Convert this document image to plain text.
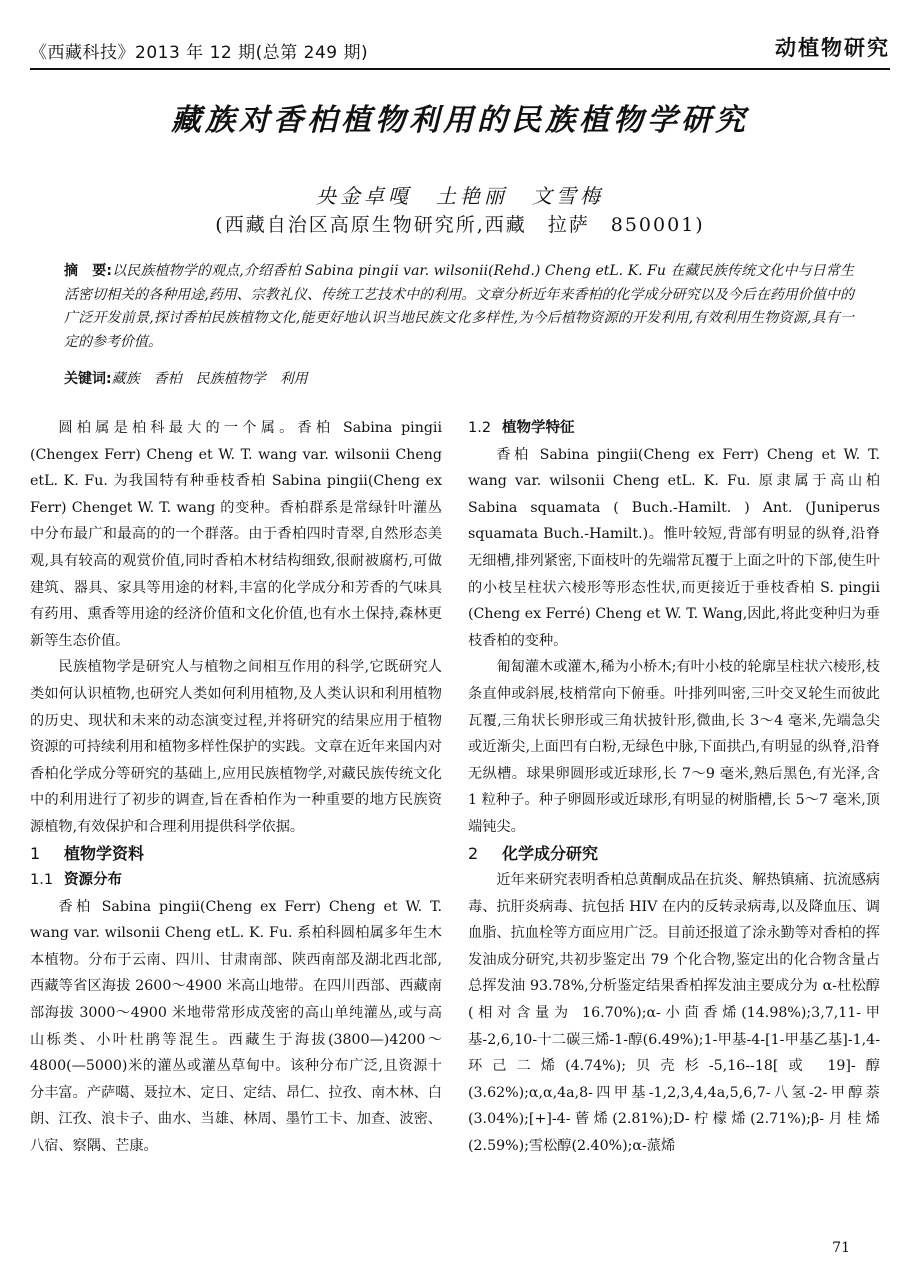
《西藏科技》2013 年 12 期(总第 249 期)	动植物研究
藏族对香柏植物利用的民族植物学研究
央金卓嘎　土艳丽　文雪梅
(西藏自治区高原生物研究所,西藏　拉萨　850001)
摘　要:以民族植物学的观点,介绍香柏 Sabina pingii var. wilsonii(Rehd.) Cheng etL. K. Fu 在藏民族传统文化中与日常生活密切相关的各种用途,药用、宗教礼仪、传统工艺技术中的利用。文章分析近年来香柏的化学成分研究以及今后在药用价值中的广泛开发前景,探讨香柏民族植物文化,能更好地认识当地民族文化多样性,为今后植物资源的开发利用,有效利用生物资源,具有一定的参考价值。
关键词:藏族　香柏　民族植物学　利用

圆柏属是柏科最大的一个属。香柏 Sabina pingii (Chengex Ferr) Cheng et W. T. wang var. wilsonii Cheng etL. K. Fu. 为我国特有种垂枝香柏 Sabina pingii(Cheng ex Ferr) Chenget W. T. wang 的变种。香柏群系是常绿针叶灌丛中分布最广和最高的的一个群落。由于香柏四时青翠,自然形态美观,具有较高的观赏价值,同时香柏木材结构细致,很耐被腐朽,可做建筑、器具、家具等用途的材料,丰富的化学成分和芳香的气味具有药用、熏香等用途的经济价值和文化价值,也有水土保持,森林更新等生态价值。

民族植物学是研究人与植物之间相互作用的科学,它既研究人类如何认识植物,也研究人类如何利用植物,及人类认识和利用植物的历史、现状和未来的动态演变过程,并将研究的结果应用于植物资源的可持续利用和植物多样性保护的实践。文章在近年来国内对香柏化学成分等研究的基础上,应用民族植物学,对藏民族传统文化中的利用进行了初步的调查,旨在香柏作为一种重要的地方民族资源植物,有效保护和合理利用提供科学依据。

1 植物学资料
1.1 资源分布

香柏 Sabina pingii(Cheng ex Ferr) Cheng et W. T. wang var. wilsonii Cheng etL. K. Fu. 系柏科圆柏属多年生木本植物。分布于云南、四川、甘肃南部、陕西南部及湖北西北部,西藏等省区海拔 2600～4900 米高山地带。在四川西部、西藏南部海拔 3000～4900 米地带常形成茂密的高山单纯灌丛,或与高山栎类、小叶杜鹃等混生。西藏生于海拔(3800—)4200～4800(—5000)米的灌丛或灌丛草甸中。该种分布广泛,且资源十分丰富。产萨噶、聂拉木、定日、定结、昂仁、拉孜、南木林、白朗、江孜、浪卡子、曲水、当雄、林周、墨竹工卡、加查、波密、八宿、察隅、芒康。

1.2 植物学特征

香柏 Sabina pingii(Cheng ex Ferr) Cheng et W. T. wang var. wilsonii Cheng etL. K. Fu. 原隶属于高山柏 Sabina squamata ( Buch.-Hamilt. ) Ant. (Juniperus squamata Buch.-Hamilt.)。惟叶较短,背部有明显的纵脊,沿脊无细槽,排列紧密,下面枝叶的先端常瓦覆于上面之叶的下部,使生叶的小枝呈柱状六棱形等形态性状,而更接近于垂枝香柏 S. pingii (Cheng ex Ferré) Cheng et W. T. Wang,因此,将此变种归为垂枝香柏的变种。

匍匐灌木或灌木,稀为小桥木;有叶小枝的轮廓呈柱状六棱形,枝条直伸或斜展,枝梢常向下俯垂。叶排列叫密,三叶交叉轮生而彼此瓦覆,三角状长卵形或三角状披针形,微曲,长 3～4 毫米,先端急尖或近渐尖,上面凹有白粉,无绿色中脉,下面拱凸,有明显的纵脊,沿脊无纵槽。球果卵圆形或近球形,长 7～9 毫米,熟后黑色,有光泽,含 1 粒种子。种子卵圆形或近球形,有明显的树脂槽,长 5～7 毫米,顶端钝尖。

2 化学成分研究

近年来研究表明香柏总黄酮成品在抗炎、解热镇痛、抗流感病毒、抗肝炎病毒、抗包括 HIV 在内的反转录病毒,以及降血压、调血脂、抗血栓等方面应用广泛。目前还报道了涂永勤等对香柏的挥发油成分研究,共初步鉴定出 79 个化合物,鉴定出的化合物含量占总挥发油 93.78%,分析鉴定结果香柏挥发油主要成分为 α-杜松醇(相对含量为 16.70%);α-小茴香烯(14.98%);3,7,11-甲基-2,6,10-十二碳三烯-1-醇(6.49%);1-甲基-4-[1-甲基乙基]-1,4-环己二烯(4.74%);贝壳杉-5,16--18[或 19]-醇(3.62%);α,α,4a,8-四甲基-1,2,3,4,4a,5,6,7-八氢-2-甲醇萘(3.04%);[+]-4-蒈烯(2.81%);D-柠檬烯(2.71%);β-月桂烯(2.59%);雪松醇(2.40%);α-蒎烯

71
